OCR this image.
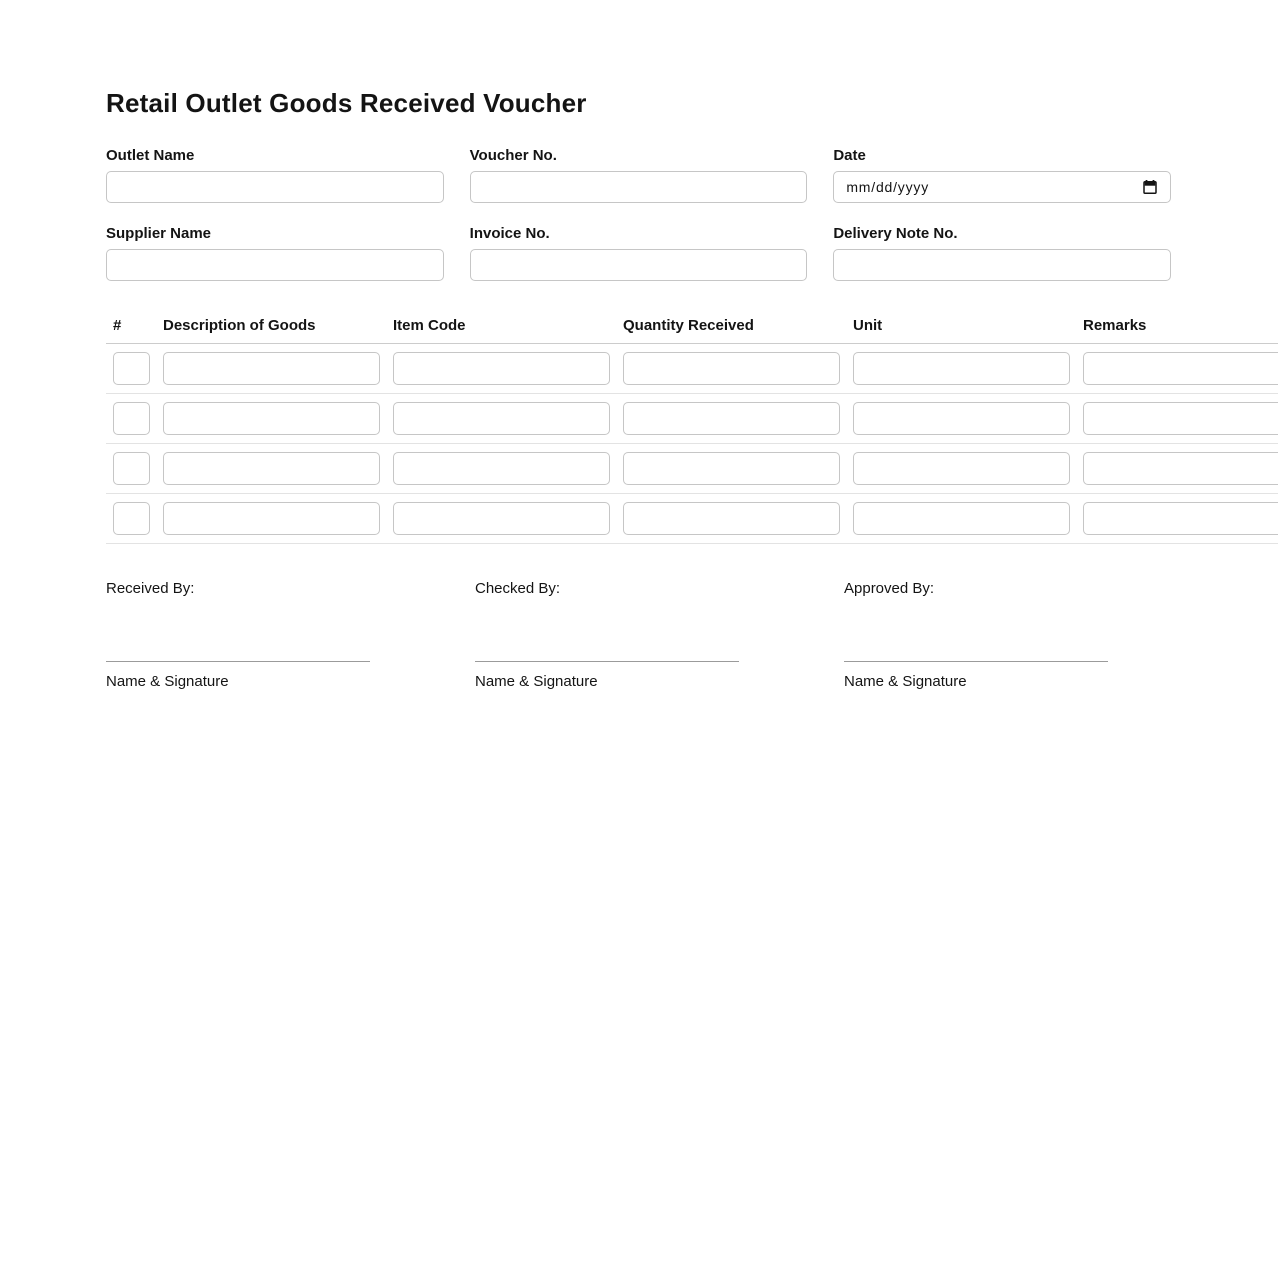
Retail Outlet Goods Received Voucher
Outlet Name	Voucher No.	Date
mm/dd/yyyy
Supplier Name	Invoice No.	Delivery Note No.
#	Description of Goods	Item Code	Quantity Received	Unit	Remarks
Received By:
Name & Signature
Checked By:
Name & Signature
Approved By:
Name & Signature
